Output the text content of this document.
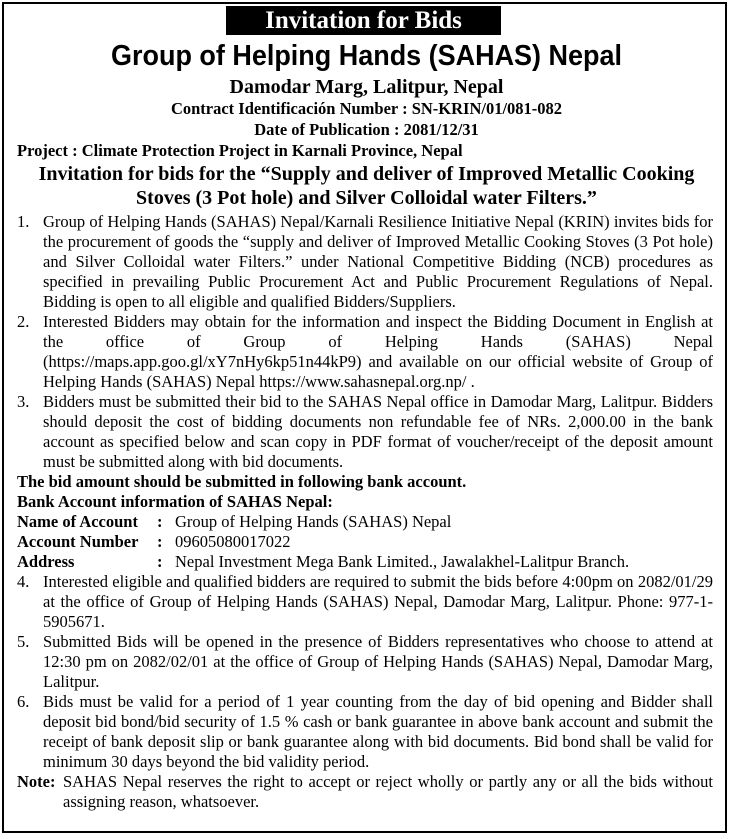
Invitation for Bids
Group of Helping Hands (SAHAS) Nepal
Damodar Marg, Lalitpur, Nepal
Contract Identificación Number : SN-KRIN/01/081-082
Date of Publication : 2081/12/31
Project : Climate Protection Project in Karnali Province, Nepal
Invitation for bids for the “Supply and deliver of Improved Metallic Cooking Stoves (3 Pot hole) and Silver Colloidal water Filters.”
1. Group of Helping Hands (SAHAS) Nepal/Karnali Resilience Initiative Nepal (KRIN) invites bids for the procurement of goods the “supply and deliver of Improved Metallic Cooking Stoves (3 Pot hole) and Silver Colloidal water Filters.” under National Competitive Bidding (NCB) procedures as specified in prevailing Public Procurement Act and Public Procurement Regulations of Nepal. Bidding is open to all eligible and qualified Bidders/Suppliers.
2. Interested Bidders may obtain for the information and inspect the Bidding Document in English at the office of Group of Helping Hands (SAHAS) Nepal (https://maps.app.goo.gl/xY7nHy6kp51n44kP9) and available on our official website of Group of Helping Hands (SAHAS) Nepal https://www.sahasnepal.org.np/ .
3. Bidders must be submitted their bid to the SAHAS Nepal office in Damodar Marg, Lalitpur. Bidders should deposit the cost of bidding documents non refundable fee of NRs. 2,000.00 in the bank account as specified below and scan copy in PDF format of voucher/receipt of the deposit amount must be submitted along with bid documents.
The bid amount should be submitted in following bank account.
Bank Account information of SAHAS Nepal:
Name of Account	: Group of Helping Hands (SAHAS) Nepal
Account Number	: 09605080017022
Address	: Nepal Investment Mega Bank Limited., Jawalakhel-Lalitpur Branch.
4. Interested eligible and qualified bidders are required to submit the bids before 4:00pm on 2082/01/29 at the office of Group of Helping Hands (SAHAS) Nepal, Damodar Marg, Lalitpur. Phone: 977-1-5905671.
5. Submitted Bids will be opened in the presence of Bidders representatives who choose to attend at 12:30 pm on 2082/02/01 at the office of Group of Helping Hands (SAHAS) Nepal, Damodar Marg, Lalitpur.
6. Bids must be valid for a period of 1 year counting from the day of bid opening and Bidder shall deposit bid bond/bid security of 1.5 % cash or bank guarantee in above bank account and submit the receipt of bank deposit slip or bank guarantee along with bid documents. Bid bond shall be valid for minimum 30 days beyond the bid validity period.
Note: SAHAS Nepal reserves the right to accept or reject wholly or partly any or all the bids without assigning reason, whatsoever.
